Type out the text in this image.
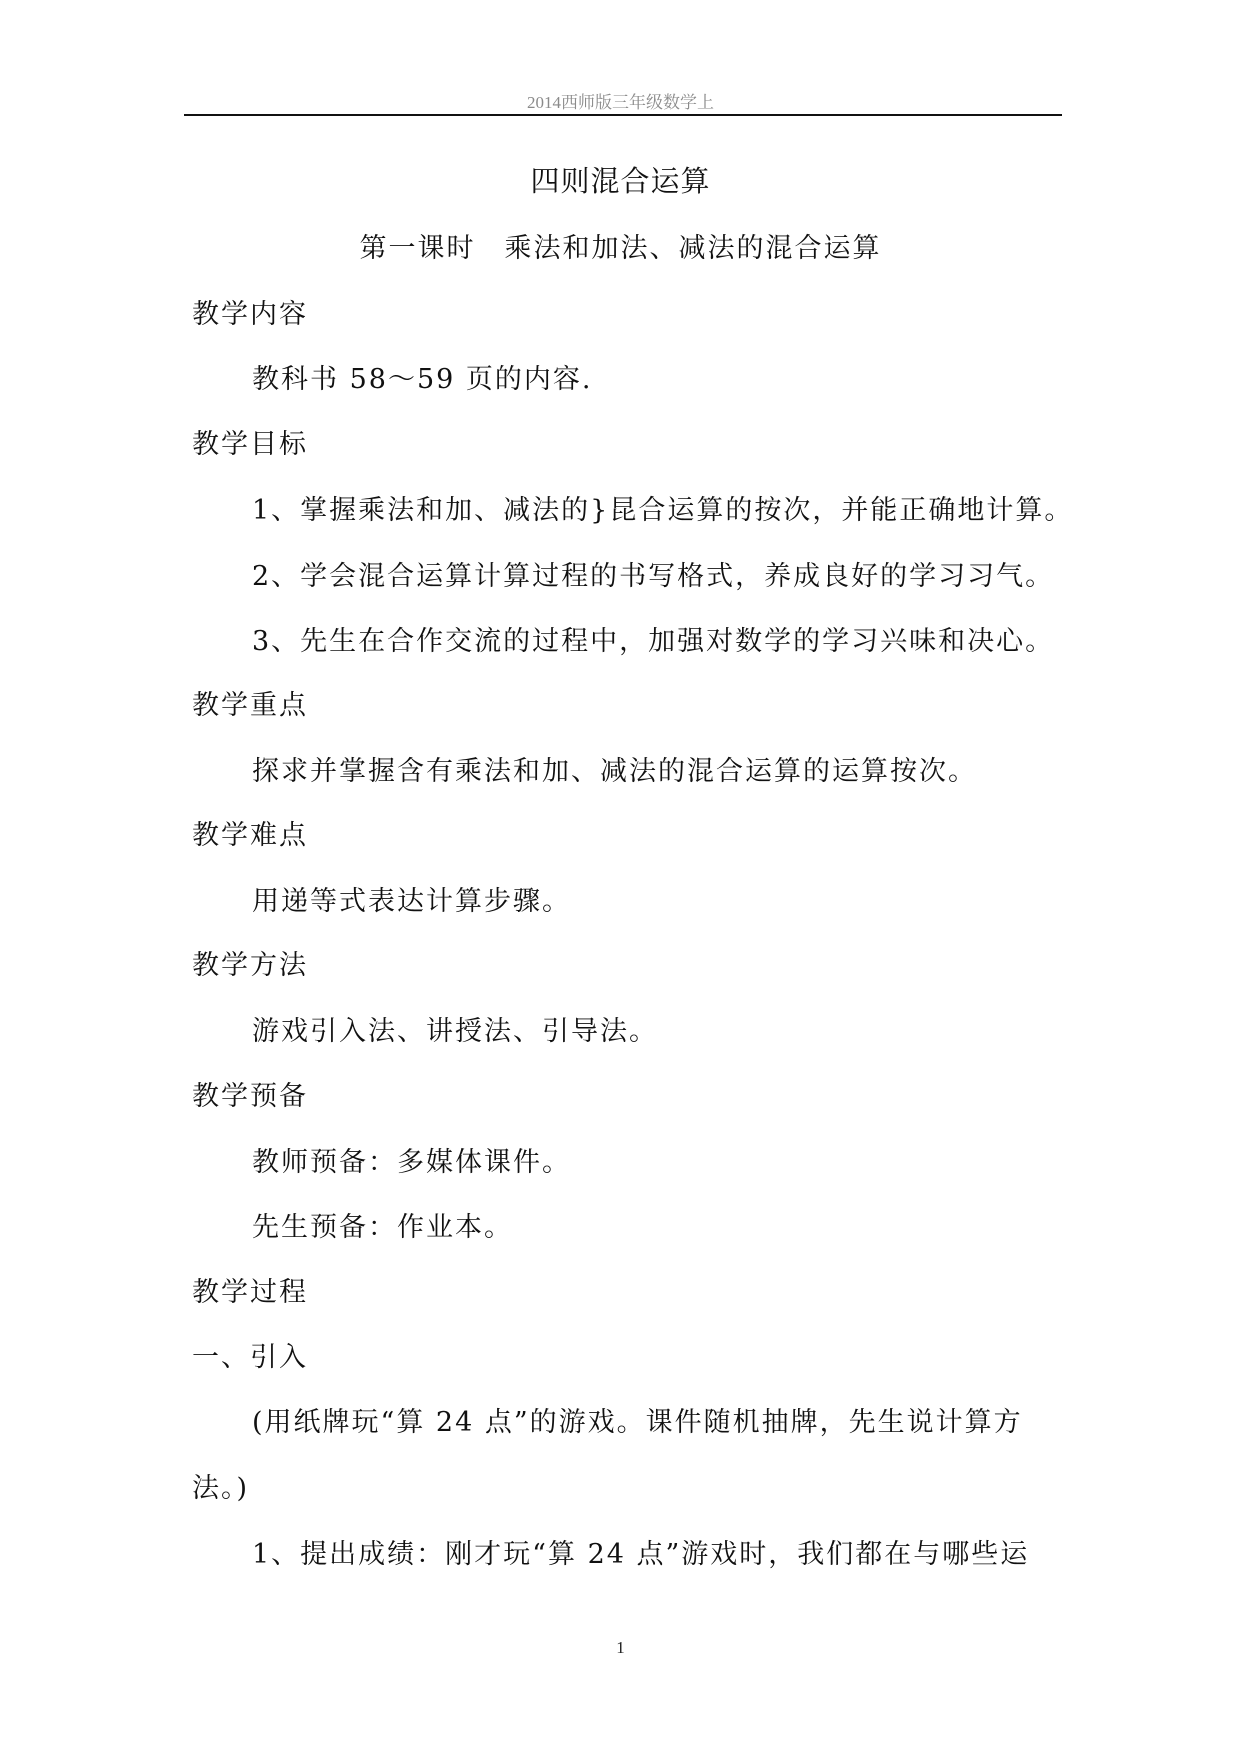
2014西师版三年级数学上
四则混合运算
第一课时　乘法和加法、减法的混合运算
教学内容
教科书 58～59 页的内容.
教学目标
1、掌握乘法和加、减法的}昆合运算的按次，并能正确地计算。
2、学会混合运算计算过程的书写格式，养成良好的学习习气。
3、先生在合作交流的过程中，加强对数学的学习兴味和决心。
教学重点
探求并掌握含有乘法和加、减法的混合运算的运算按次。
教学难点
用递等式表达计算步骤。
教学方法
游戏引入法、讲授法、引导法。
教学预备
教师预备：多媒体课件。
先生预备：作业本。
教学过程
一、引入
(用纸牌玩“算 24 点”的游戏。课件随机抽牌，先生说计算方
法。)
1、提出成绩：刚才玩“算 24 点”游戏时，我们都在与哪些运
1
